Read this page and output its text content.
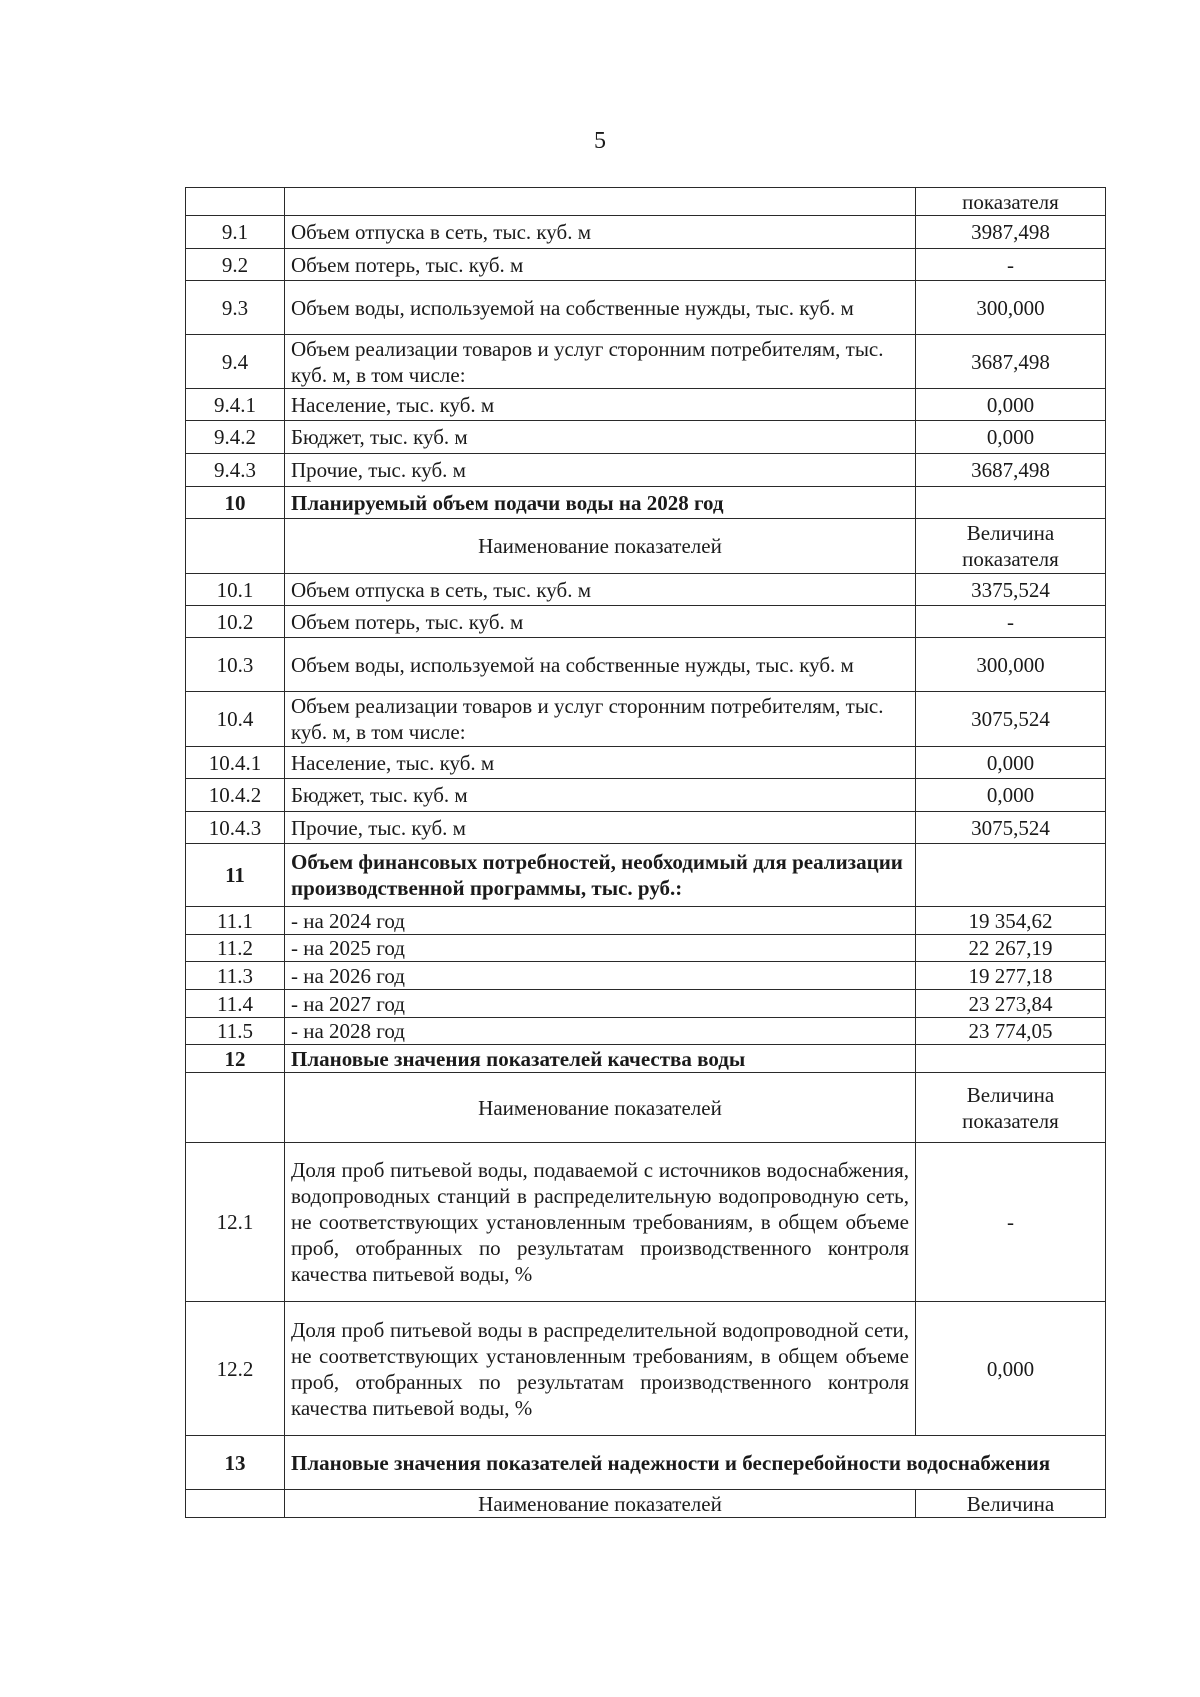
5
		показателя
9.1	Объем отпуска в сеть, тыс. куб. м	3987,498
9.2	Объем потерь, тыс. куб. м	-
9.3	Объем воды, используемой на собственные нужды, тыс. куб. м	300,000
9.4	Объем реализации товаров и услуг сторонним потребителям, тыс. куб. м, в том числе:	3687,498
9.4.1	Население, тыс. куб. м	0,000
9.4.2	Бюджет, тыс. куб. м	0,000
9.4.3	Прочие, тыс. куб. м	3687,498
10	Планируемый объем подачи воды на 2028 год	
	Наименование показателей	Величина показателя
10.1	Объем отпуска в сеть, тыс. куб. м	3375,524
10.2	Объем потерь, тыс. куб. м	-
10.3	Объем воды, используемой на собственные нужды, тыс. куб. м	300,000
10.4	Объем реализации товаров и услуг сторонним потребителям, тыс. куб. м, в том числе:	3075,524
10.4.1	Население, тыс. куб. м	0,000
10.4.2	Бюджет, тыс. куб. м	0,000
10.4.3	Прочие, тыс. куб. м	3075,524
11	Объем финансовых потребностей, необходимый для реализации производственной программы, тыс. руб.:	
11.1	- на 2024 год	19 354,62
11.2	- на 2025 год	22 267,19
11.3	- на 2026 год	19 277,18
11.4	- на 2027 год	23 273,84
11.5	- на 2028 год	23 774,05
12	Плановые значения показателей качества воды	
	Наименование показателей	Величина показателя
12.1	Доля проб питьевой воды, подаваемой с источников водоснабжения, водопроводных станций в распределительную водопроводную сеть, не соответствующих установленным требованиям, в общем объеме проб, отобранных по результатам производственного контроля качества питьевой воды, %	-
12.2	Доля проб питьевой воды в распределительной водопроводной сети, не соответствующих установленным требованиям, в общем объеме проб, отобранных по результатам производственного контроля качества питьевой воды, %	0,000
13	Плановые значения показателей надежности и бесперебойности водоснабжения	
	Наименование показателей	Величина
